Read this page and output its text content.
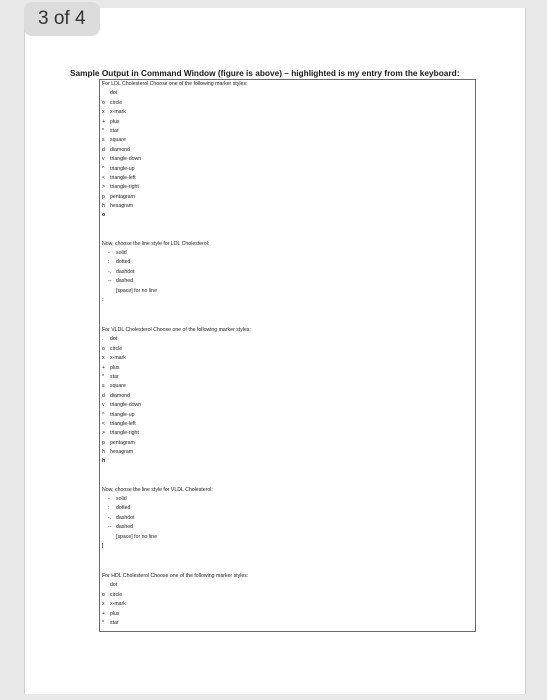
3 of 4
Sample Output in Command Window (figure is above) – highlighted is my entry from the keyboard:
For LDL Cholesterol Choose one of the following marker styles:
dot
o circle
x x-mark
+ plus
* star
s square
d diamond
v triangle-down
^ triangle-up
< triangle-left
> triangle-right
p pentagram
h hexagram
o
Now, choose the line style for LDL Cholesterol:
- solid
: dotted
-. dashdot
-- dashed
[space] for no line
:
For VLDL Cholesterol Choose one of the following marker styles:
. dot
o circle
x x-mark
+ plus
* star
s square
d diamond
v triangle-down
^ triangle-up
< triangle-left
> triangle-right
p pentagram
h hexagram
h
Now, choose the line style for VLDL Cholesterol:
- solid
: dotted
-. dashdot
-- dashed
[space] for no line
|
For HDL Cholesterol Choose one of the following marker styles:
dot
o circle
x x-mark
+ plus
* star
